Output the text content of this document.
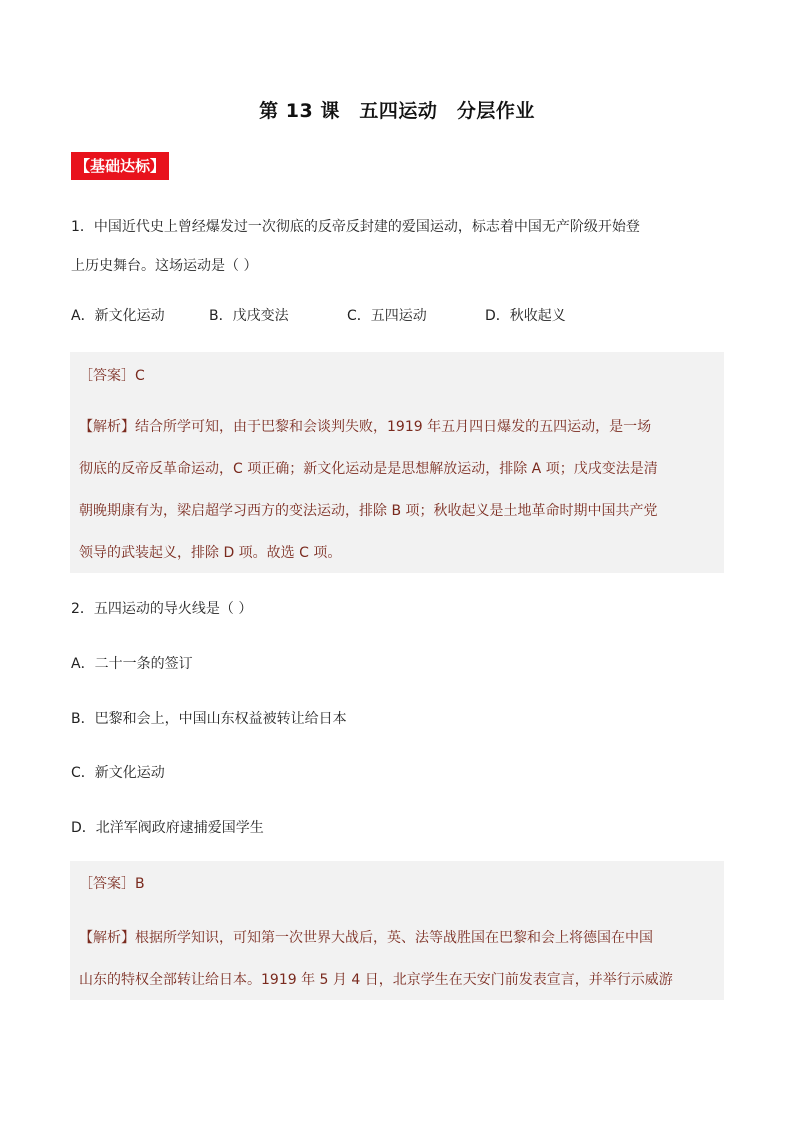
第 13 课　五四运动　分层作业
【基础达标】
1．中国近代史上曾经爆发过一次彻底的反帝反封建的爱国运动，标志着中国无产阶级开始登
上历史舞台。这场运动是（ ）
A．新文化运动	B．戊戌变法	C．五四运动	D．秋收起义
［答案］C
【解析】结合所学可知，由于巴黎和会谈判失败，1919 年五月四日爆发的五四运动，是一场
彻底的反帝反革命运动，C 项正确；新文化运动是是思想解放运动，排除 A 项；戊戌变法是清
朝晚期康有为，梁启超学习西方的变法运动，排除 B 项；秋收起义是土地革命时期中国共产党
领导的武装起义，排除 D 项。故选 C 项。
2．五四运动的导火线是（ ）
A．二十一条的签订
B．巴黎和会上，中国山东权益被转让给日本
C．新文化运动
D．北洋军阀政府逮捕爱国学生
［答案］B
【解析】根据所学知识，可知第一次世界大战后，英、法等战胜国在巴黎和会上将德国在中国
山东的特权全部转让给日本。1919 年 5 月 4 日，北京学生在天安门前发表宣言，并举行示威游
